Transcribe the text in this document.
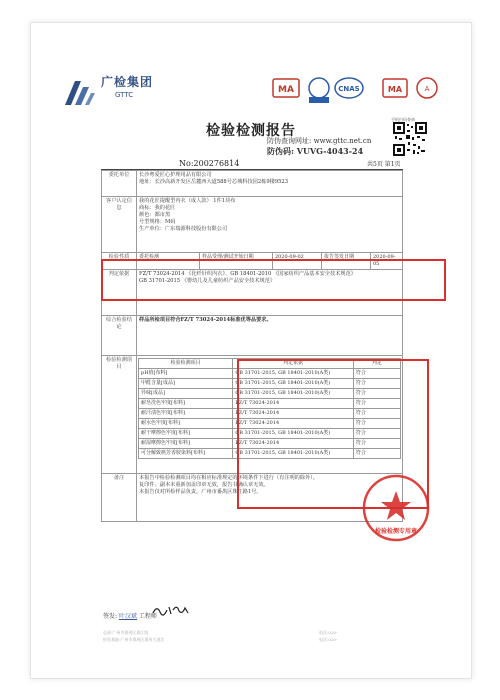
广检集团
GTTC	MA	CNAS	MA	A
检验检测报告
防伪查询网址: www.gttc.net.cn
防伪码: VUVG-4043-24
手机扫码查询
No:200276814	共5页 第1页
委托单位	长沙粤爱匠心护理用品有限公司
地址：长沙高新开发区岳麓西大道588号芯城科技园2栋9楼9523

客户认定信息	
我的花匠提醒型内衣（成人款） 1件1块布
商标：我的花匠
颜色：都市黑
号型规格：M码
生产单位：广东瑞源科技股份有限公司

检验性质	委托检测	样品受理/测试开始日期	2020-09-02	报告签发日期	2020-09-05

判定依据	FZ/T 73024-2014 《化纤针织内衣》、GB 18401-2010 《国家纺织产品基本安全技术规范》
GB 31701-2015 《婴幼儿及儿童纺织产品安全技术规范》

综合检验结论	样品所检项目符合FZ/T 73024-2014标准优等品要求。
检验检测项目	
检验检测项目	判定依据	判定
pH值[布料]	GB 31701-2015, GB 18401-2010(A类)	符合
甲醛含量[成品]	GB 31701-2015, GB 18401-2010(A类)	符合
异味[成品]	GB 31701-2015, GB 18401-2010(A类)	符合
耐皂洗色牢度[布料]	FZ/T 73024-2014	符合
耐汗渍色牢度[布料]	FZ/T 73024-2014	符合
耐水色牢度[布料]	FZ/T 73024-2014	符合
耐干摩擦色牢度[布料]	GB 31701-2015, GB 18401-2010(A类)	符合
耐湿摩擦色牢度[布料]	FZ/T 73024-2014	符合
可分解致癌芳香胺染料[布料]	GB 31701-2015, GB 18401-2010(A类)	符合

备注	本报告中检验检测项目均在相应标准规定的环境条件下进行（有注明的除外）。
复印件、副本未重新加盖印章无效，报告书确认章无效。
本报告仅对所检样品负责。广州市番禺区珠江路1号。
检验检测专用章
签发: 叶汉斌 工程师
总部:广州市番禺区珠江路
检验基地:广州市番禺区番禺大道北
电话:020-
电话:020-
